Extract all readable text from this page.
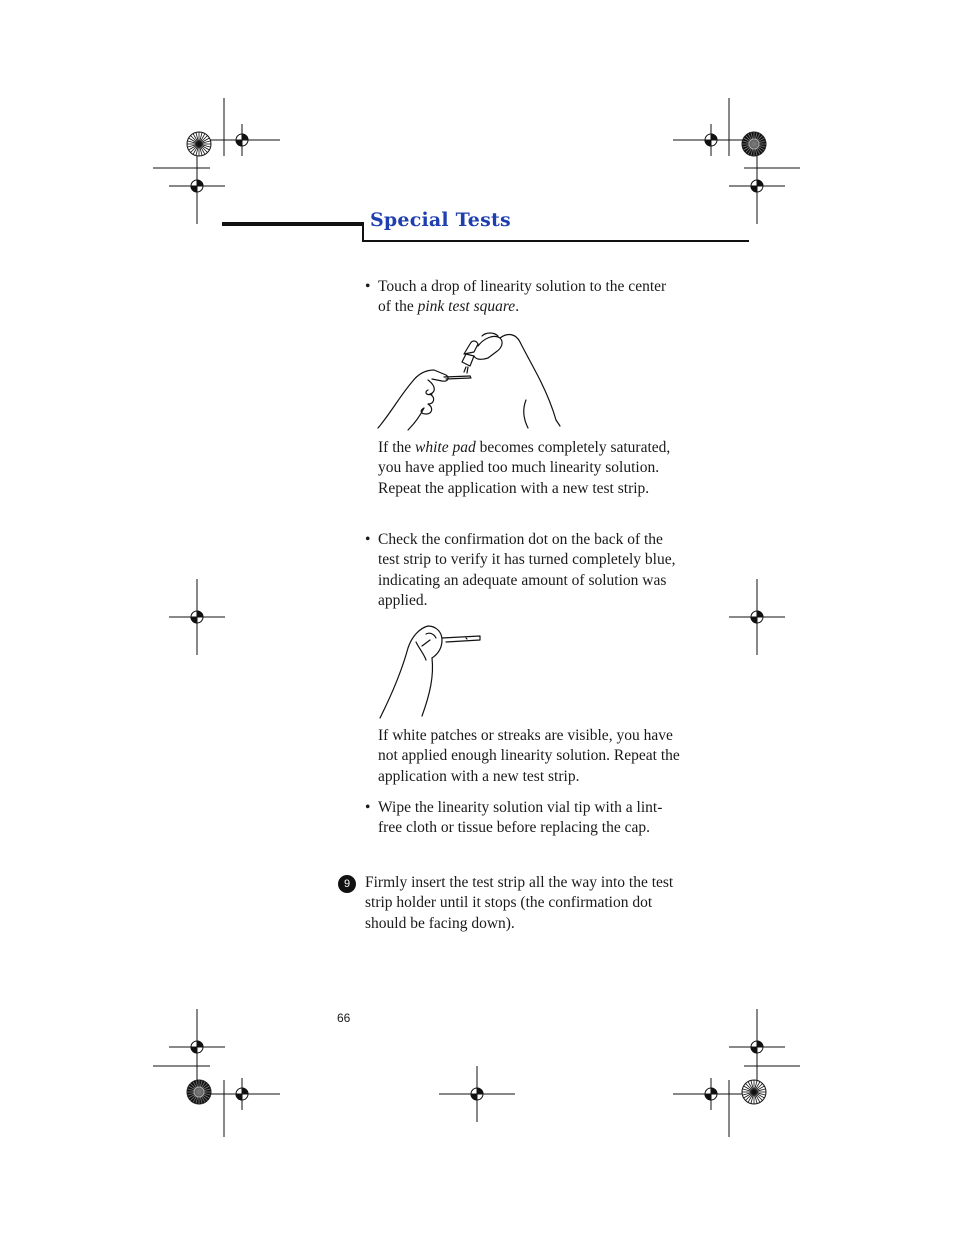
Special Tests
• Touch a drop of linearity solution to the center of the pink test square.
If the white pad becomes completely saturated, you have applied too much linearity solution. Repeat the application with a new test strip.
• Check the confirmation dot on the back of the test strip to verify it has turned completely blue, indicating an adequate amount of solution was applied.
If white patches or streaks are visible, you have not applied enough linearity solution. Repeat the application with a new test strip.
• Wipe the linearity solution vial tip with a lint-free cloth or tissue before replacing the cap.
9 Firmly insert the test strip all the way into the test strip holder until it stops (the confirmation dot should be facing down).
66
